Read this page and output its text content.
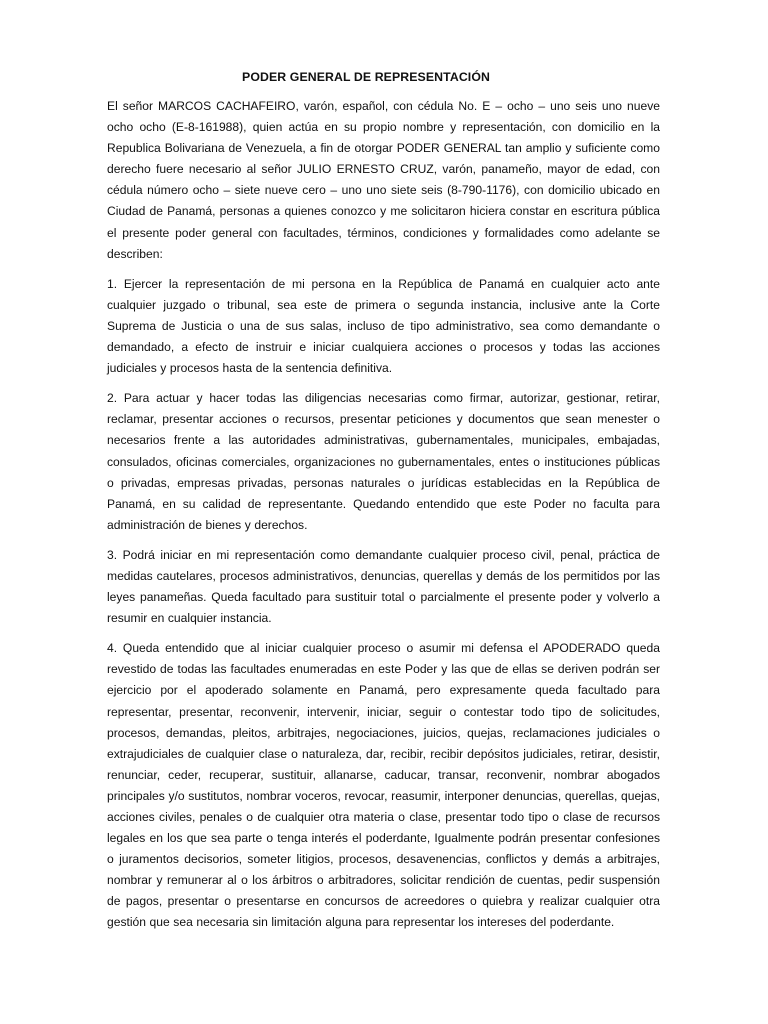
PODER GENERAL DE REPRESENTACIÓN

El señor MARCOS CACHAFEIRO, varón, español, con cédula No. E – ocho – uno seis uno nueve ocho ocho (E-8-161988), quien actúa en su propio nombre y representación, con domicilio en la Republica Bolivariana de Venezuela, a fin de otorgar PODER GENERAL tan amplio y suficiente como derecho fuere necesario al señor JULIO ERNESTO CRUZ, varón, panameño, mayor de edad, con cédula número ocho – siete nueve cero – uno uno siete seis (8-790-1176), con domicilio ubicado en Ciudad de Panamá, personas a quienes conozco y me solicitaron hiciera constar en escritura pública el presente poder general con facultades, términos, condiciones y formalidades como adelante se describen:

1. Ejercer la representación de mi persona en la República de Panamá en cualquier acto ante cualquier juzgado o tribunal, sea este de primera o segunda instancia, inclusive ante la Corte Suprema de Justicia o una de sus salas, incluso de tipo administrativo, sea como demandante o demandado, a efecto de instruir e iniciar cualquiera acciones o procesos y todas las acciones judiciales y procesos hasta de la sentencia definitiva.

2. Para actuar y hacer todas las diligencias necesarias como firmar, autorizar, gestionar, retirar, reclamar, presentar acciones o recursos, presentar peticiones y documentos que sean menester o necesarios frente a las autoridades administrativas, gubernamentales, municipales, embajadas, consulados, oficinas comerciales, organizaciones no gubernamentales, entes o instituciones públicas o privadas, empresas privadas, personas naturales o jurídicas establecidas en la República de Panamá, en su calidad de representante. Quedando entendido que este Poder no faculta para administración de bienes y derechos.

3. Podrá iniciar en mi representación como demandante cualquier proceso civil, penal, práctica de medidas cautelares, procesos administrativos, denuncias, querellas y demás de los permitidos por las leyes panameñas. Queda facultado para sustituir total o parcialmente el presente poder y volverlo a resumir en cualquier instancia.

4. Queda entendido que al iniciar cualquier proceso o asumir mi defensa el APODERADO queda revestido de todas las facultades enumeradas en este Poder y las que de ellas se deriven podrán ser ejercicio por el apoderado solamente en Panamá, pero expresamente queda facultado para representar, presentar, reconvenir, intervenir, iniciar, seguir o contestar todo tipo de solicitudes, procesos, demandas, pleitos, arbitrajes, negociaciones, juicios, quejas, reclamaciones judiciales o extrajudiciales de cualquier clase o naturaleza, dar, recibir, recibir depósitos judiciales, retirar, desistir, renunciar, ceder, recuperar, sustituir, allanarse, caducar, transar, reconvenir, nombrar abogados principales y/o sustitutos, nombrar voceros, revocar, reasumir, interponer denuncias, querellas, quejas, acciones civiles, penales o de cualquier otra materia o clase, presentar todo tipo o clase de recursos legales en los que sea parte o tenga interés el poderdante, Igualmente podrán presentar confesiones o juramentos decisorios, someter litigios, procesos, desavenencias, conflictos y demás a arbitrajes, nombrar y remunerar al o los árbitros o arbitradores, solicitar rendición de cuentas, pedir suspensión de pagos, presentar o presentarse en concursos de acreedores o quiebra y realizar cualquier otra gestión que sea necesaria sin limitación alguna para representar los intereses del poderdante.
